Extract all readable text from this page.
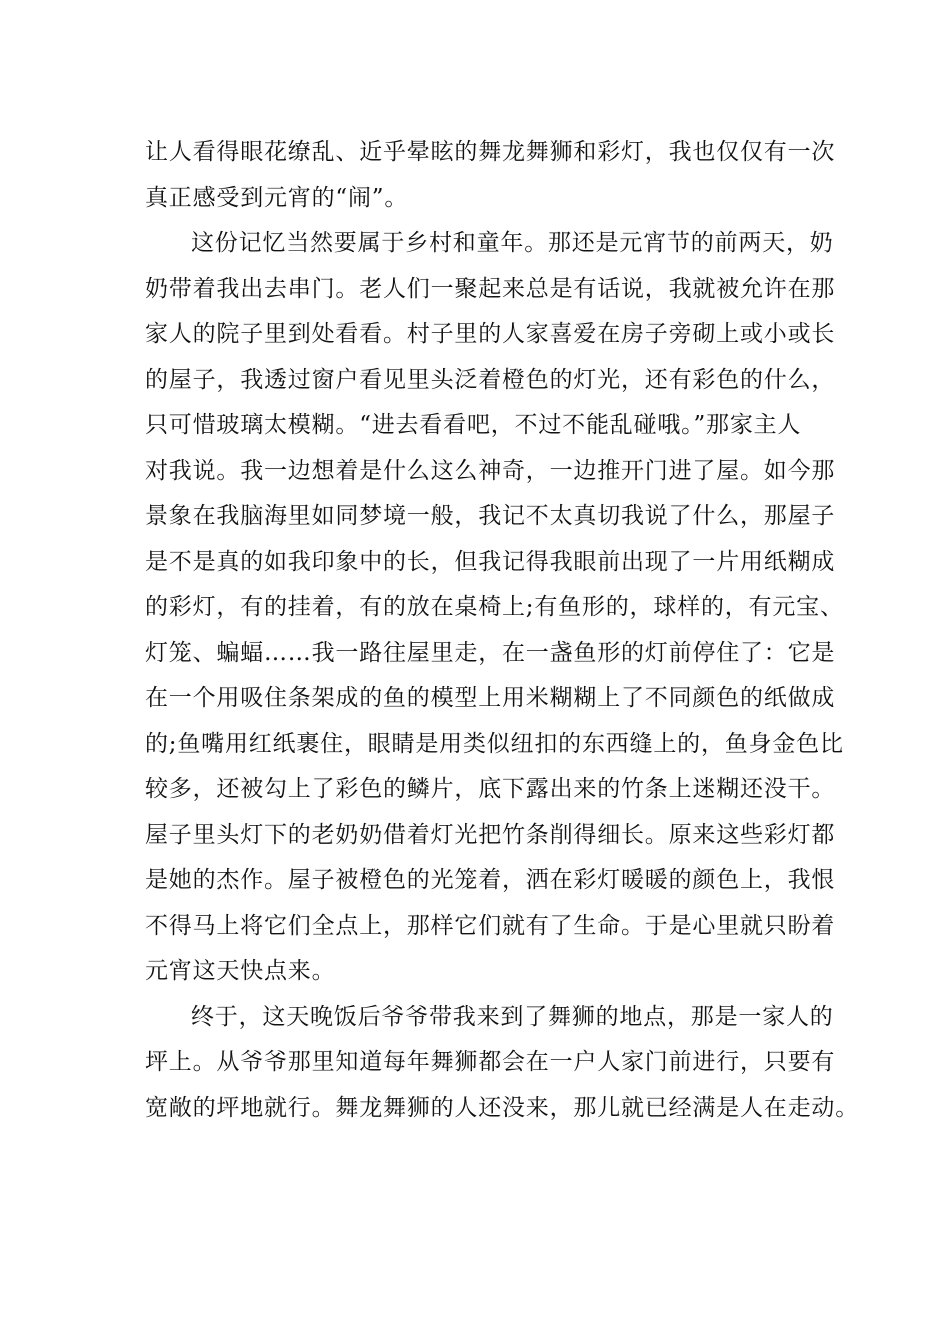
让人看得眼花缭乱、近乎晕眩的舞龙舞狮和彩灯，我也仅仅有一次
真正感受到元宵的“闹”。
这份记忆当然要属于乡村和童年。那还是元宵节的前两天，奶
奶带着我出去串门。老人们一聚起来总是有话说，我就被允许在那
家人的院子里到处看看。村子里的人家喜爱在房子旁砌上或小或长
的屋子，我透过窗户看见里头泛着橙色的灯光，还有彩色的什么，
只可惜玻璃太模糊。“进去看看吧，不过不能乱碰哦。”那家主人
对我说。我一边想着是什么这么神奇，一边推开门进了屋。如今那
景象在我脑海里如同梦境一般，我记不太真切我说了什么，那屋子
是不是真的如我印象中的长，但我记得我眼前出现了一片用纸糊成
的彩灯，有的挂着，有的放在桌椅上;有鱼形的，球样的，有元宝、
灯笼、蝙蝠……我一路往屋里走，在一盏鱼形的灯前停住了：它是
在一个用吸住条架成的鱼的模型上用米糊糊上了不同颜色的纸做成
的;鱼嘴用红纸裹住，眼睛是用类似纽扣的东西缝上的，鱼身金色比
较多，还被勾上了彩色的鳞片，底下露出来的竹条上迷糊还没干。
屋子里头灯下的老奶奶借着灯光把竹条削得细长。原来这些彩灯都
是她的杰作。屋子被橙色的光笼着，洒在彩灯暖暖的颜色上，我恨
不得马上将它们全点上，那样它们就有了生命。于是心里就只盼着
元宵这天快点来。
终于，这天晚饭后爷爷带我来到了舞狮的地点，那是一家人的
坪上。从爷爷那里知道每年舞狮都会在一户人家门前进行，只要有
宽敞的坪地就行。舞龙舞狮的人还没来，那儿就已经满是人在走动。
